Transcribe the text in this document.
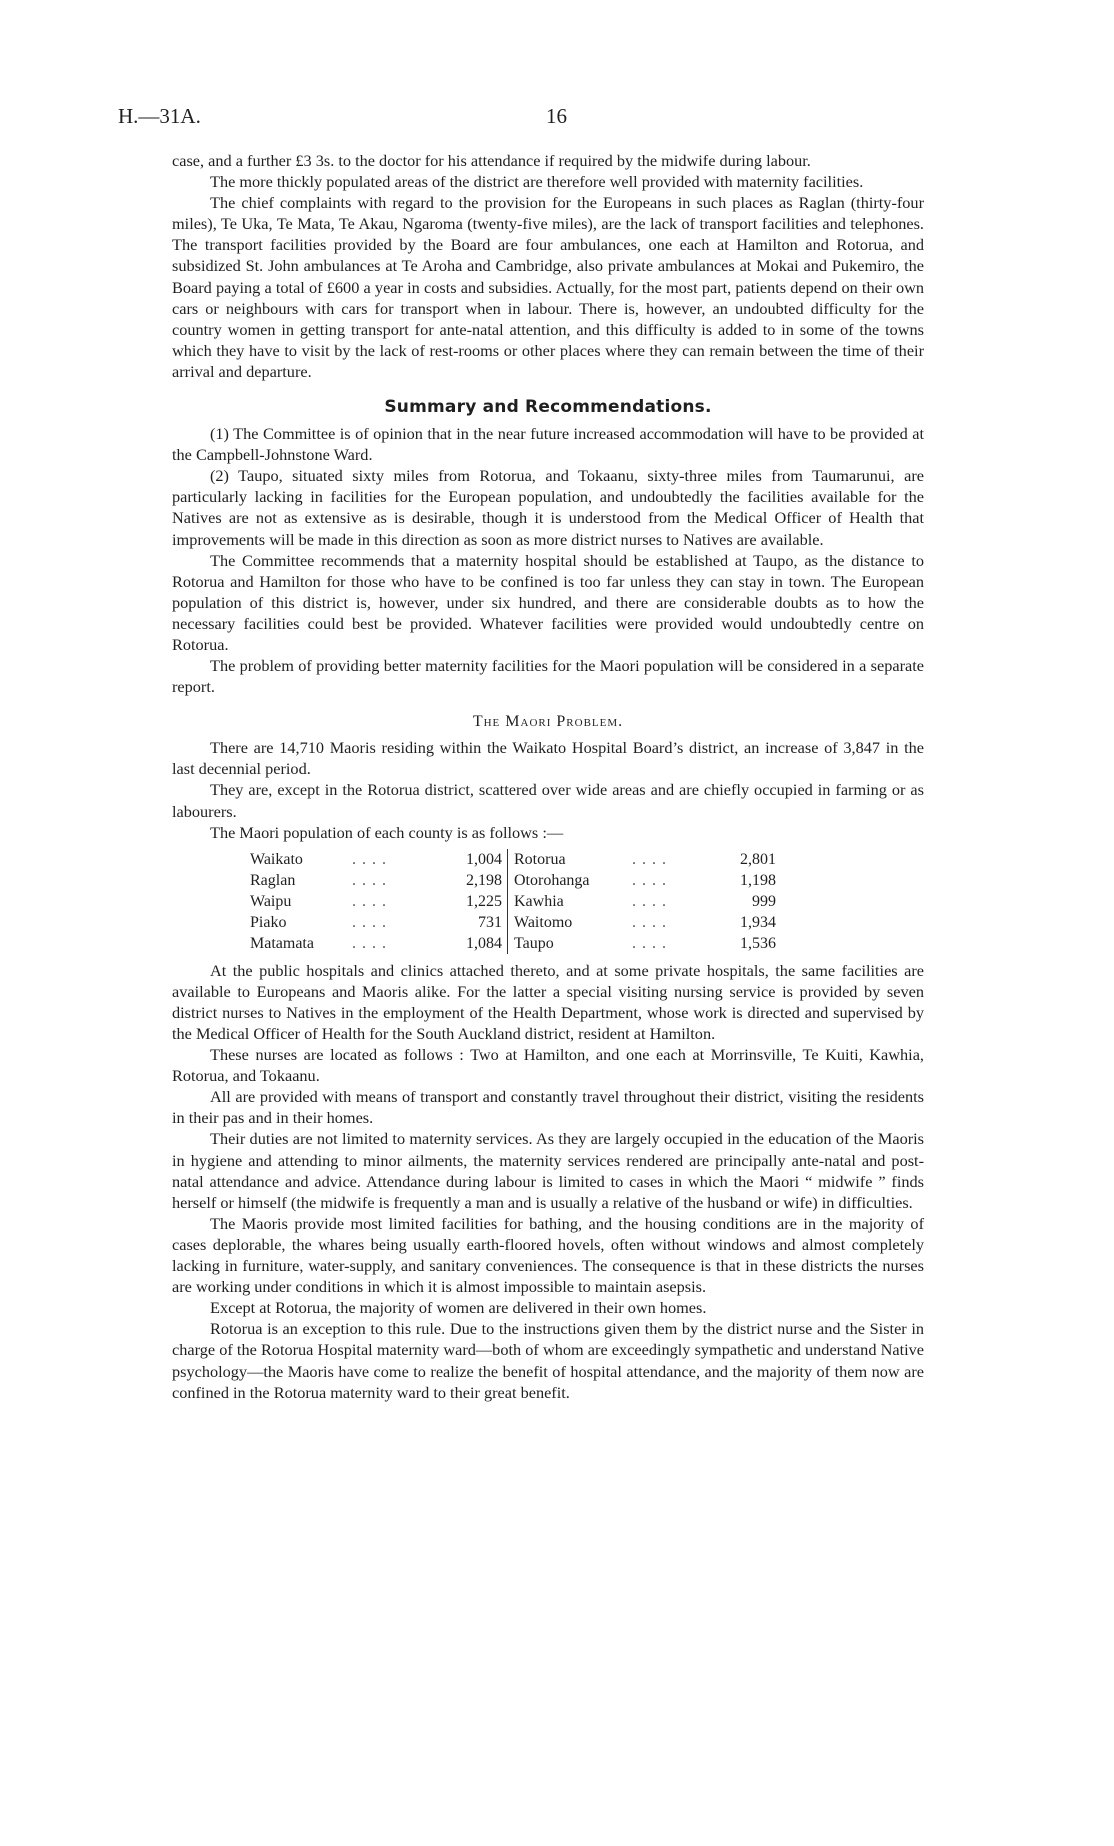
H.—31A.	16

case, and a further £3 3s. to the doctor for his attendance if required by the midwife during labour.

The more thickly populated areas of the district are therefore well provided with maternity facilities.

The chief complaints with regard to the provision for the Europeans in such places as Raglan (thirty-four miles), Te Uka, Te Mata, Te Akau, Ngaroma (twenty-five miles), are the lack of transport facilities and telephones. The transport facilities provided by the Board are four ambulances, one each at Hamilton and Rotorua, and subsidized St. John ambulances at Te Aroha and Cambridge, also private ambulances at Mokai and Pukemiro, the Board paying a total of £600 a year in costs and subsidies. Actually, for the most part, patients depend on their own cars or neighbours with cars for transport when in labour. There is, however, an undoubted difficulty for the country women in getting transport for ante-natal attention, and this difficulty is added to in some of the towns which they have to visit by the lack of rest-rooms or other places where they can remain between the time of their arrival and departure.

Summary and Recommendations.

(1) The Committee is of opinion that in the near future increased accommodation will have to be provided at the Campbell-Johnstone Ward.

(2) Taupo, situated sixty miles from Rotorua, and Tokaanu, sixty-three miles from Taumarunui, are particularly lacking in facilities for the European population, and undoubtedly the facilities available for the Natives are not as extensive as is desirable, though it is understood from the Medical Officer of Health that improvements will be made in this direction as soon as more district nurses to Natives are available.

The Committee recommends that a maternity hospital should be established at Taupo, as the distance to Rotorua and Hamilton for those who have to be confined is too far unless they can stay in town. The European population of this district is, however, under six hundred, and there are considerable doubts as to how the necessary facilities could best be provided. Whatever facilities were provided would undoubtedly centre on Rotorua.

The problem of providing better maternity facilities for the Maori population will be considered in a separate report.

The Maori Problem.

There are 14,710 Maoris residing within the Waikato Hospital Board’s district, an increase of 3,847 in the last decennial period.

They are, except in the Rotorua district, scattered over wide areas and are chiefly occupied in farming or as labourers.

The Maori population of each county is as follows :—

Waikato	. . . .	1,004		Rotorua	. . . .	2,801
Raglan	. . . .	2,198		Otorohanga	. . . .	1,198
Waipu	. . . .	1,225		Kawhia	. . . .	999
Piako	. . . .	731		Waitomo	. . . .	1,934
Matamata	. . . .	1,084		Taupo	. . . .	1,536

At the public hospitals and clinics attached thereto, and at some private hospitals, the same facilities are available to Europeans and Maoris alike. For the latter a special visiting nursing service is provided by seven district nurses to Natives in the employment of the Health Department, whose work is directed and supervised by the Medical Officer of Health for the South Auckland district, resident at Hamilton.

These nurses are located as follows : Two at Hamilton, and one each at Morrinsville, Te Kuiti, Kawhia, Rotorua, and Tokaanu.

All are provided with means of transport and constantly travel throughout their district, visiting the residents in their pas and in their homes.

Their duties are not limited to maternity services. As they are largely occupied in the education of the Maoris in hygiene and attending to minor ailments, the maternity services rendered are principally ante-natal and post-natal attendance and advice. Attendance during labour is limited to cases in which the Maori “ midwife ” finds herself or himself (the midwife is frequently a man and is usually a relative of the husband or wife) in difficulties.

The Maoris provide most limited facilities for bathing, and the housing conditions are in the majority of cases deplorable, the whares being usually earth-floored hovels, often without windows and almost completely lacking in furniture, water-supply, and sanitary conveniences. The consequence is that in these districts the nurses are working under conditions in which it is almost impossible to maintain asepsis.

Except at Rotorua, the majority of women are delivered in their own homes.

Rotorua is an exception to this rule. Due to the instructions given them by the district nurse and the Sister in charge of the Rotorua Hospital maternity ward—both of whom are exceedingly sympathetic and understand Native psychology—the Maoris have come to realize the benefit of hospital attendance, and the majority of them now are confined in the Rotorua maternity ward to their great benefit.
